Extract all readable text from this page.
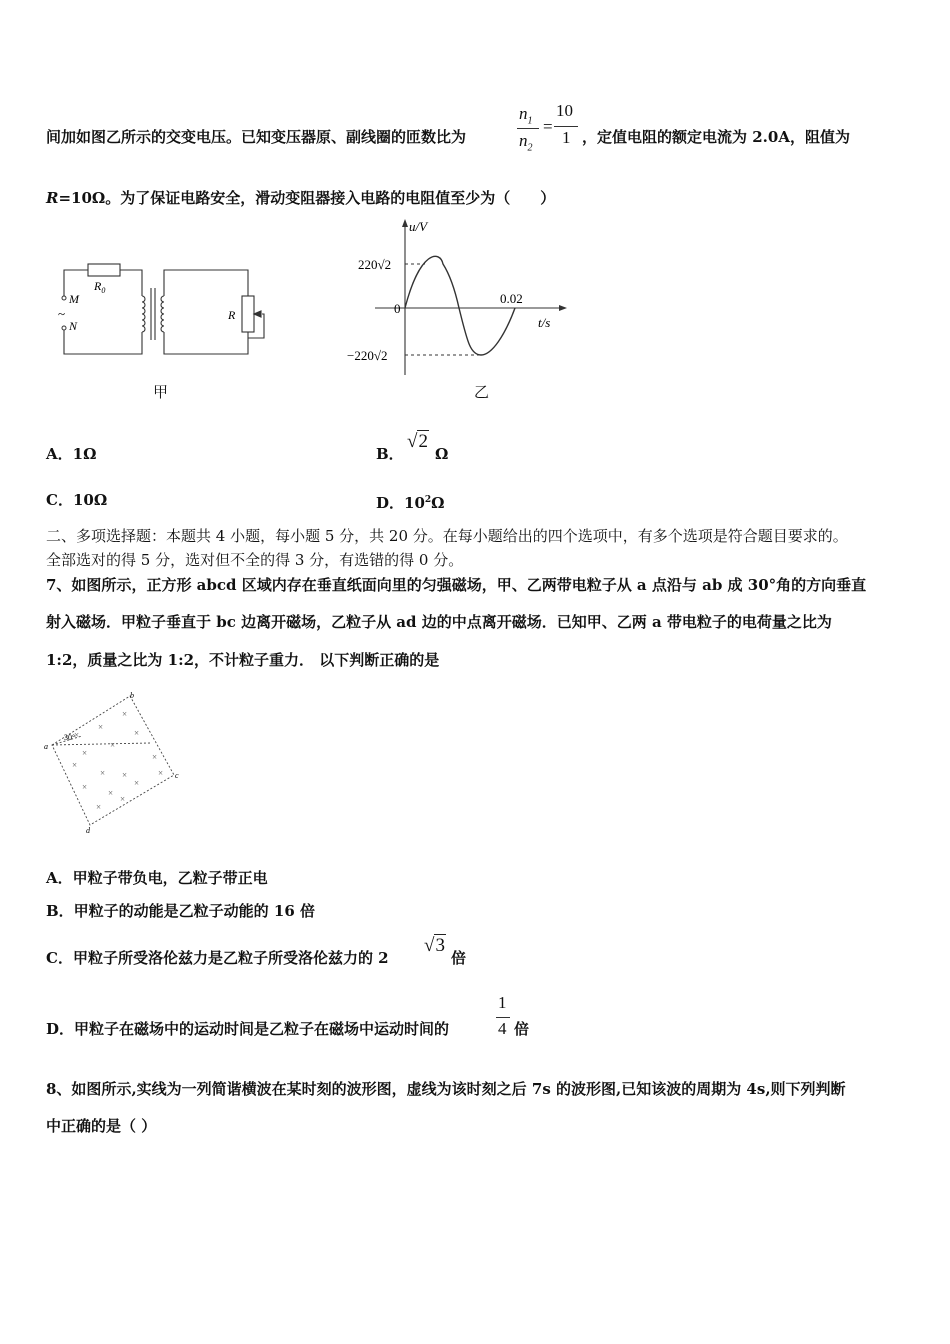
间加如图乙所示的交变电压。已知变压器原、副线圈的匝数比为
$n_1$
$n_2$
=
10
1 ，定值电阻的额定电流为 2.0A，阻值为
R=10Ω。为了保证电路安全，滑动变阻器接入电路的电阻值至少为（　　）
$R_0$
M
~
N
R
甲
u/V
t/s
220√2
−220√2
0
0.02
乙
A．1Ω	B．
√2
Ω
C．10Ω	D．$10^2\Omega$
二、多项选择题：本题共 4 小题，每小题 5 分，共 20 分。在每小题给出的四个选项中，有多个选项是符合题目要求的。
全部选对的得 5 分，选对但不全的得 3 分，有选错的得 0 分。
7、如图所示，正方形 abcd 区域内存在垂直纸面向里的匀强磁场，甲、乙两带电粒子从 a 点沿与 ab 成 30°角的方向垂直
射入磁场．甲粒子垂直于 bc 边离开磁场，乙粒子从 ad 边的中点离开磁场．已知甲、乙两 a 带电粒子的电荷量之比为
1:2，质量之比为 1:2，不计粒子重力． 以下判断正确的是
×
×
×
×
×
×
×
× ×
×
×
×
×
×
×
×
a
b
c
d
30°
A．甲粒子带负电，乙粒子带正电
B．甲粒子的动能是乙粒子动能的 16 倍
C．甲粒子所受洛伦兹力是乙粒子所受洛伦兹力的 2
√3
倍
D．甲粒子在磁场中的运动时间是乙粒子在磁场中运动时间的
1
4 倍
8、如图所示,实线为一列简谐横波在某时刻的波形图，虚线为该时刻之后 7s 的波形图,已知该波的周期为 4s,则下列判断
中正确的是（ ）
